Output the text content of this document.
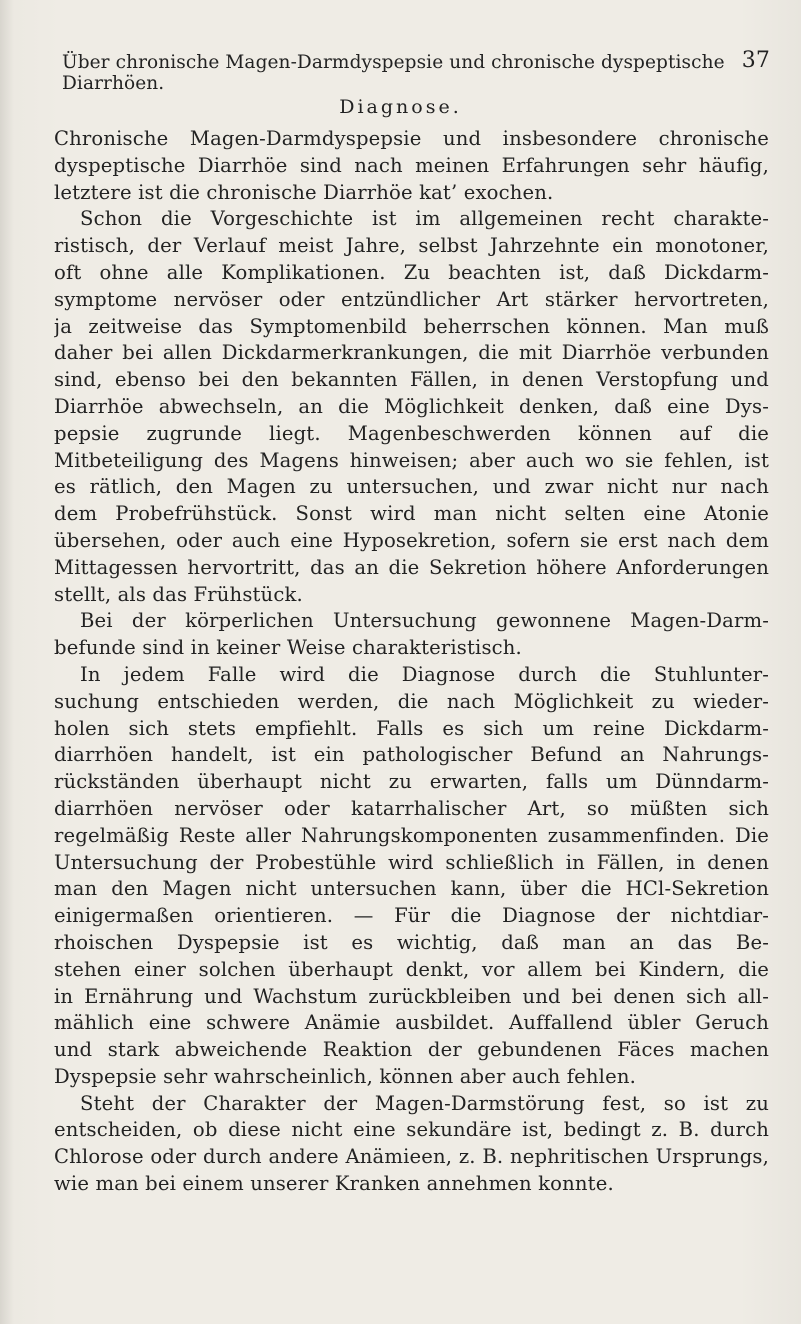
Über chronische Magen-Darmdyspepsie und chronische dyspeptische Diarrhöen.
37
Diagnose.
Chronische Magen-Darmdyspepsie und insbesondere chronische
dyspeptische Diarrhöe sind nach meinen Erfahrungen sehr häufig,
letztere ist die chronische Diarrhöe kat’ exochen.
Schon die Vorgeschichte ist im allgemeinen recht charakte-
ristisch, der Verlauf meist Jahre, selbst Jahrzehnte ein monotoner,
oft ohne alle Komplikationen. Zu beachten ist, daß Dickdarm-
symptome nervöser oder entzündlicher Art stärker hervortreten,
ja zeitweise das Symptomenbild beherrschen können. Man muß
daher bei allen Dickdarmerkrankungen, die mit Diarrhöe verbunden
sind, ebenso bei den bekannten Fällen, in denen Verstopfung und
Diarrhöe abwechseln, an die Möglichkeit denken, daß eine Dys-
pepsie zugrunde liegt. Magenbeschwerden können auf die
Mitbeteiligung des Magens hinweisen; aber auch wo sie fehlen, ist
es rätlich, den Magen zu untersuchen, und zwar nicht nur nach
dem Probefrühstück. Sonst wird man nicht selten eine Atonie
übersehen, oder auch eine Hyposekretion, sofern sie erst nach dem
Mittagessen hervortritt, das an die Sekretion höhere Anforderungen
stellt, als das Frühstück.
Bei der körperlichen Untersuchung gewonnene Magen-Darm-
befunde sind in keiner Weise charakteristisch.
In jedem Falle wird die Diagnose durch die Stuhlunter-
suchung entschieden werden, die nach Möglichkeit zu wieder-
holen sich stets empfiehlt. Falls es sich um reine Dickdarm-
diarrhöen handelt, ist ein pathologischer Befund an Nahrungs-
rückständen überhaupt nicht zu erwarten, falls um Dünndarm-
diarrhöen nervöser oder katarrhalischer Art, so müßten sich
regelmäßig Reste aller Nahrungskomponenten zusammenfinden. Die
Untersuchung der Probestühle wird schließlich in Fällen, in denen
man den Magen nicht untersuchen kann, über die HCl-Sekretion
einigermaßen orientieren. — Für die Diagnose der nichtdiar-
rhoischen Dyspepsie ist es wichtig, daß man an das Be-
stehen einer solchen überhaupt denkt, vor allem bei Kindern, die
in Ernährung und Wachstum zurückbleiben und bei denen sich all-
mählich eine schwere Anämie ausbildet. Auffallend übler Geruch
und stark abweichende Reaktion der gebundenen Fäces machen
Dyspepsie sehr wahrscheinlich, können aber auch fehlen.
Steht der Charakter der Magen-Darmstörung fest, so ist zu
entscheiden, ob diese nicht eine sekundäre ist, bedingt z. B. durch
Chlorose oder durch andere Anämieen, z. B. nephritischen Ursprungs,
wie man bei einem unserer Kranken annehmen konnte.
